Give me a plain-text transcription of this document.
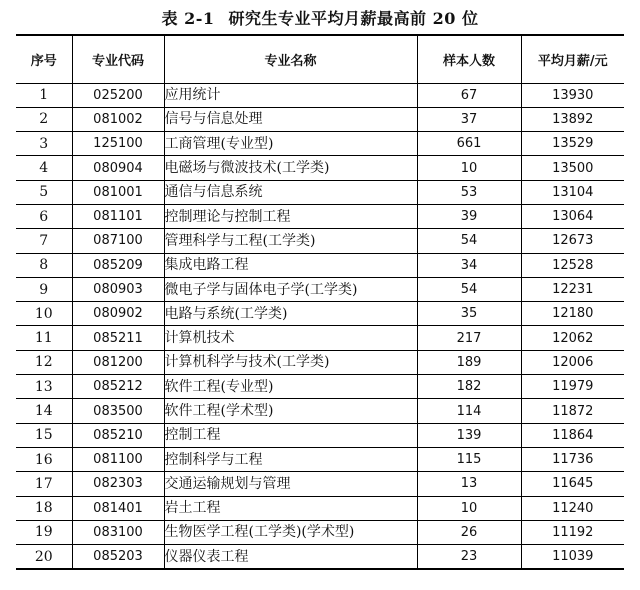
表 2-1 研究生专业平均月薪最高前 20 位
序号	专业代码	专业名称	样本人数	平均月薪/元
1	025200	应用统计	67	13930
2	081002	信号与信息处理	37	13892
3	125100	工商管理(专业型)	661	13529
4	080904	电磁场与微波技术(工学类)	10	13500
5	081001	通信与信息系统	53	13104
6	081101	控制理论与控制工程	39	13064
7	087100	管理科学与工程(工学类)	54	12673
8	085209	集成电路工程	34	12528
9	080903	微电子学与固体电子学(工学类)	54	12231
10	080902	电路与系统(工学类)	35	12180
11	085211	计算机技术	217	12062
12	081200	计算机科学与技术(工学类)	189	12006
13	085212	软件工程(专业型)	182	11979
14	083500	软件工程(学术型)	114	11872
15	085210	控制工程	139	11864
16	081100	控制科学与工程	115	11736
17	082303	交通运输规划与管理	13	11645
18	081401	岩土工程	10	11240
19	083100	生物医学工程(工学类)(学术型)	26	11192
20	085203	仪器仪表工程	23	11039
